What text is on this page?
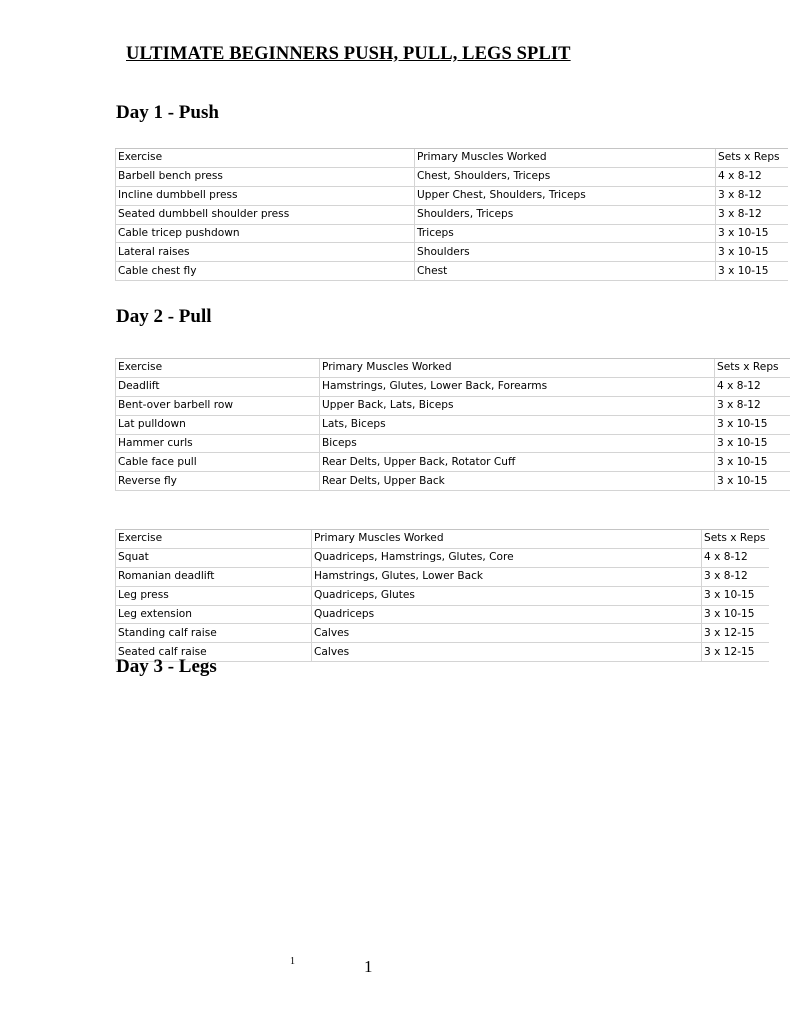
ULTIMATE BEGINNERS PUSH, PULL, LEGS SPLIT
Day 1 - Push
Exercise	Primary Muscles Worked	Sets x Reps
Barbell bench press	Chest, Shoulders, Triceps	4 x 8-12
Incline dumbbell press	Upper Chest, Shoulders, Triceps	3 x 8-12
Seated dumbbell shoulder press	Shoulders, Triceps	3 x 8-12
Cable tricep pushdown	Triceps	3 x 10-15
Lateral raises	Shoulders	3 x 10-15
Cable chest fly	Chest	3 x 10-15
Day 2 - Pull
Exercise	Primary Muscles Worked	Sets x Reps
Deadlift	Hamstrings, Glutes, Lower Back, Forearms	4 x 8-12
Bent-over barbell row	Upper Back, Lats, Biceps	3 x 8-12
Lat pulldown	Lats, Biceps	3 x 10-15
Hammer curls	Biceps	3 x 10-15
Cable face pull	Rear Delts, Upper Back, Rotator Cuff	3 x 10-15
Reverse fly	Rear Delts, Upper Back	3 x 10-15
Exercise	Primary Muscles Worked	Sets x Reps
Squat	Quadriceps, Hamstrings, Glutes, Core	4 x 8-12
Romanian deadlift	Hamstrings, Glutes, Lower Back	3 x 8-12
Leg press	Quadriceps, Glutes	3 x 10-15
Leg extension	Quadriceps	3 x 10-15
Standing calf raise	Calves	3 x 12-15
Seated calf raise	Calves	3 x 12-15
Day 3 - Legs
1	1
